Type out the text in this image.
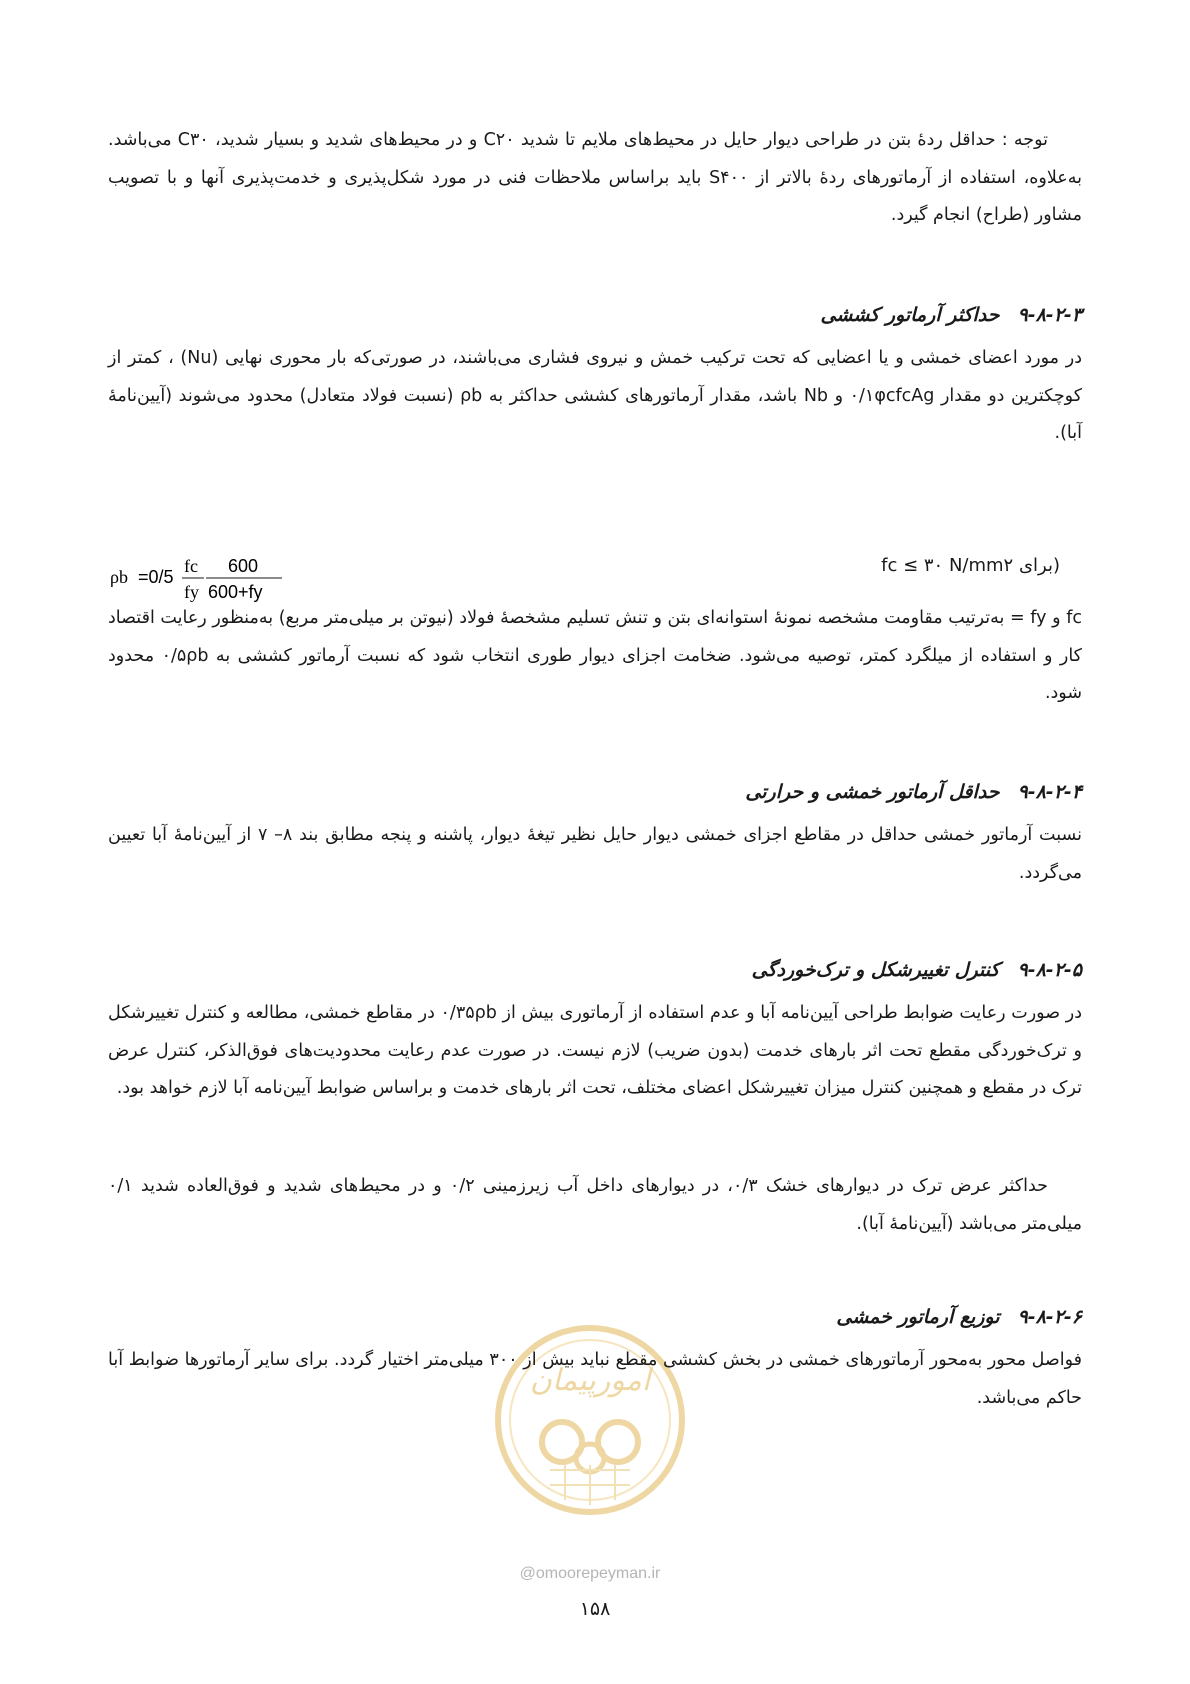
توجه : حداقل ردهٔ بتن در طراحی دیوار حایل در محیط‌های ملایم تا شدید C۲۰ و در محیط‌های شدید و بسیار شدید، C۳۰ می‌باشد. به‌علاوه، استفاده از آرماتورهای ردهٔ بالاتر از S۴۰۰ باید براساس ملاحظات فنی در مورد شکل‌پذیری و خدمت‌پذیری آنها و با تصویب مشاور (طراح) انجام گیرد.

۹-۸-۲-۳حداکثر آرماتور کششی

در مورد اعضای خمشی و یا اعضایی که تحت ترکیب خمش و نیروی فشاری می‌باشند، در صورتی‌که بار محوری نهایی (Nu) ، کمتر از کوچکترین دو مقدار ۰/۱φcfcAg و Nb باشد، مقدار آرماتورهای کششی حداکثر به ρb (نسبت فولاد متعادل) محدود می‌شوند (آیین‌نامهٔ آبا).

ρb =0/5
fc
fy
600
600+fy
(برای fc ≤ ۳۰ N/mm۲

fc و fy = به‌ترتیب مقاومت مشخصه نمونهٔ استوانه‌ای بتن و تنش تسلیم مشخصهٔ فولاد (نیوتن بر میلی‌متر مربع) به‌منظور رعایت اقتصاد کار و استفاده از میلگرد کمتر، توصیه می‌شود. ضخامت اجزای دیوار طوری انتخاب شود که نسبت آرماتور کششی به ۰/۵ρb محدود شود.

۹-۸-۲-۴حداقل آرماتور خمشی و حرارتی

نسبت آرماتور خمشی حداقل در مقاطع اجزای خمشی دیوار حایل نظیر تیغهٔ دیوار، پاشنه و پنجه مطابق بند ۸– ۷ از آیین‌نامهٔ آبا تعیین می‌گردد.

۹-۸-۲-۵کنترل تغییرشکل و ترک‌خوردگی

در صورت رعایت ضوابط طراحی آیین‌نامه آبا و عدم استفاده از آرماتوری بیش از ۰/۳۵ρb در مقاطع خمشی، مطالعه و کنترل تغییرشکل و ترک‌خوردگی مقطع تحت اثر بارهای خدمت (بدون ضریب) لازم نیست. در صورت عدم رعایت محدودیت‌های فوق‌الذکر، کنترل عرض ترک در مقطع و همچنین کنترل میزان تغییرشکل اعضای مختلف، تحت اثر بارهای خدمت و براساس ضوابط آیین‌نامه آبا لازم خواهد بود.

حداکثر عرض ترک در دیوارهای خشک ۰/۳، در دیوارهای داخل آب زیرزمینی ۰/۲ و در محیط‌های شدید و فوق‌العاده شدید ۰/۱ میلی‌متر می‌باشد (آیین‌نامهٔ آبا).

امورپیمان
۹-۸-۲-۶توزیع آرماتور خمشی

فواصل محور به‌محور آرماتورهای خمشی در بخش کششی مقطع نباید بیش از ۳۰۰ میلی‌متر اختیار گردد. برای سایر آرماتورها ضوابط آبا حاکم می‌باشد.

@omoorepeyman.ir
۱۵۸
